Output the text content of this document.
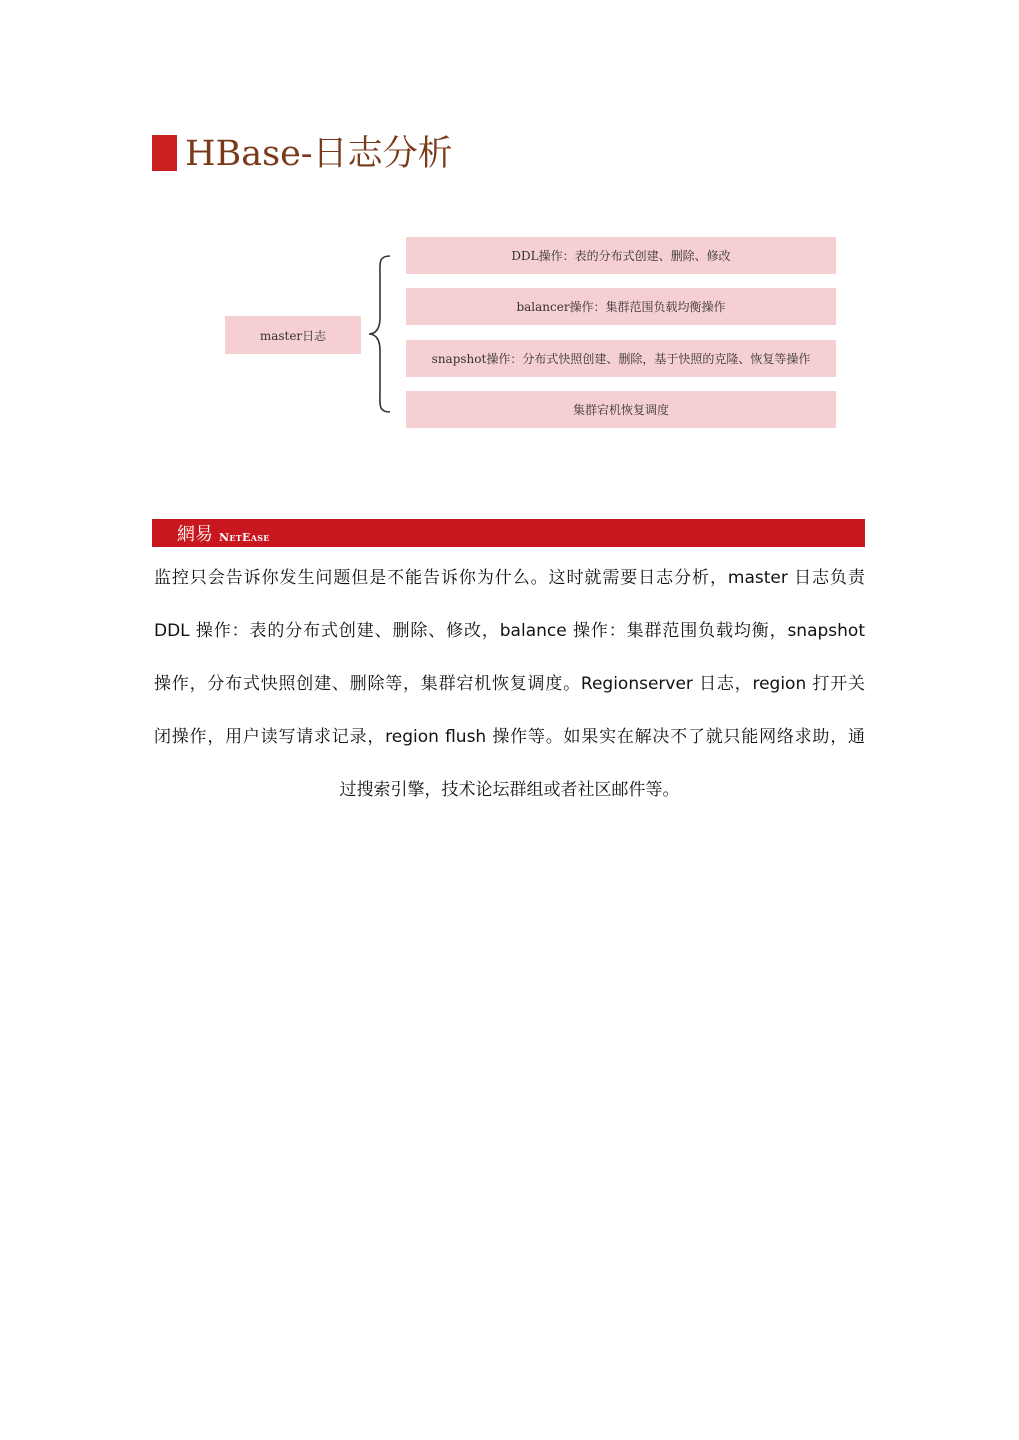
HBase-日志分析
master日志
DDL操作：表的分布式创建、删除、修改
balancer操作：集群范围负载均衡操作
snapshot操作：分布式快照创建、删除，基于快照的克隆、恢复等操作
集群宕机恢复调度
網易 NetEase
监控只会告诉你发生问题但是不能告诉你为什么。这时就需要日志分析，master 日志负责
DDL 操作：表的分布式创建、删除、修改，balance 操作：集群范围负载均衡，snapshot
操作，分布式快照创建、删除等，集群宕机恢复调度。Regionserver 日志，region 打开关
闭操作，用户读写请求记录，region flush 操作等。如果实在解决不了就只能网络求助，通
过搜索引擎，技术论坛群组或者社区邮件等。
